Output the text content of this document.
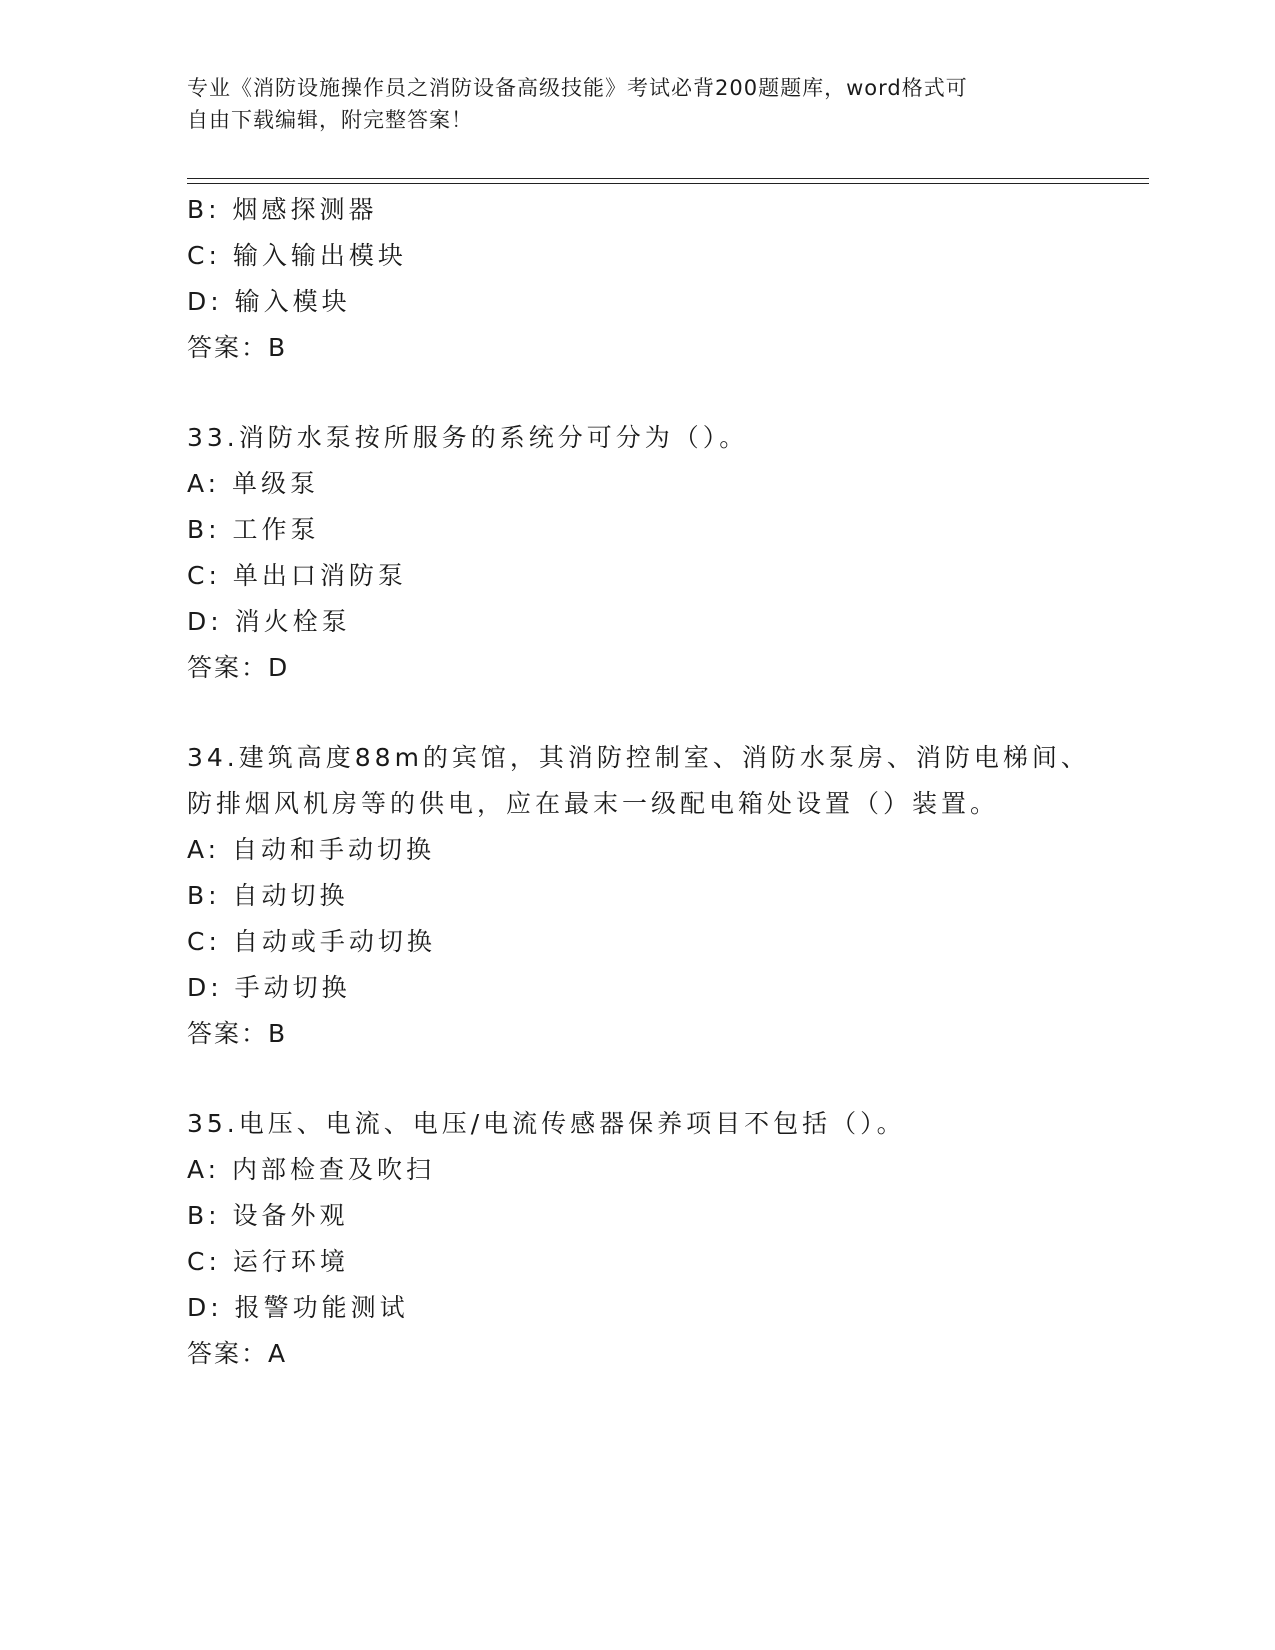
专业《消防设施操作员之消防设备高级技能》考试必背200题题库，word格式可
自由下载编辑，附完整答案！
B: 烟感探测器
C: 输入输出模块
D: 输入模块
答案：B
33.消防水泵按所服务的系统分可分为（）。
A: 单级泵
B: 工作泵
C: 单出口消防泵
D: 消火栓泵
答案：D
34.建筑高度88m的宾馆，其消防控制室、消防水泵房、消防电梯间、
防排烟风机房等的供电，应在最末一级配电箱处设置（）装置。
A: 自动和手动切换
B: 自动切换
C: 自动或手动切换
D: 手动切换
答案：B
35.电压、电流、电压/电流传感器保养项目不包括（）。
A: 内部检查及吹扫
B: 设备外观
C: 运行环境
D: 报警功能测试
答案：A
